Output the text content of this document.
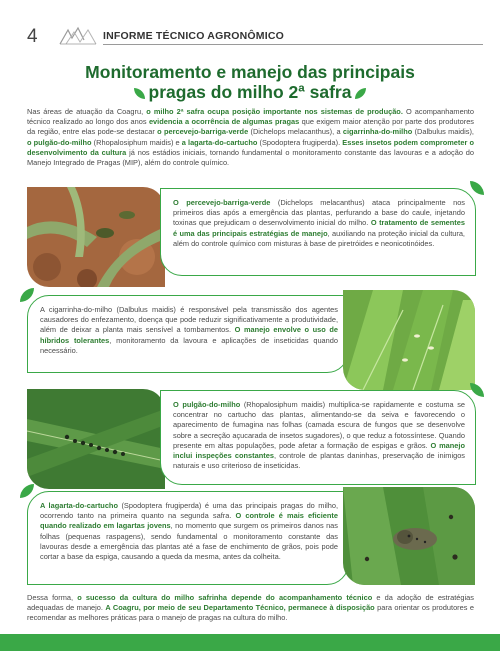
4	INFORME TÉCNICO AGRONÔMICO
Monitoramento e manejo das principais
pragas do milho 2ª safra
Nas áreas de atuação da Coagru, o milho 2ª safra ocupa posição importante nos sistemas de produção. O acompanhamento técnico realizado ao longo dos anos evidencia a ocorrência de algumas pragas que exigem maior atenção por parte dos produtores da região, entre elas pode-se destacar o percevejo-barriga-verde (Dichelops melacanthus), a cigarrinha-do-milho (Dalbulus maidis), o pulgão-do-milho (Rhopalosiphum maidis) e a lagarta-do-cartucho (Spodoptera frugiperda). Esses insetos podem comprometer o desenvolvimento da cultura já nos estádios iniciais, tornando fundamental o monitoramento constante das lavouras e a adoção do Manejo Integrado de Pragas (MIP), além do controle químico.

O percevejo-barriga-verde (Dichelops melacanthus) ataca principalmente nos primeiros dias após a emergência das plantas, perfurando a base do caule, injetando toxinas que prejudicam o desenvolvimento inicial do milho. O tratamento de sementes é uma das principais estratégias de manejo, auxiliando na proteção inicial da cultura, além do controle químico com misturas à base de piretróides e neonicotinóides.

A cigarrinha-do-milho (Dalbulus maidis) é responsável pela transmissão dos agentes causadores do enfezamento, doença que pode reduzir significativamente a produtividade, além de deixar a planta mais sensível a tombamentos. O manejo envolve o uso de híbridos tolerantes, monitoramento da lavoura e aplicações de inseticidas quando necessário.

O pulgão-do-milho (Rhopalosiphum maidis) multiplica-se rapidamente e costuma se concentrar no cartucho das plantas, alimentando-se da seiva e favorecendo o aparecimento de fumagina nas folhas (camada escura de fungos que se desenvolve sobre a secreção açucarada de insetos sugadores), o que reduz a fotossíntese. Quando presente em altas populações, pode afetar a formação de espigas e grãos. O manejo inclui inspeções constantes, controle de plantas daninhas, preservação de inimigos naturais e uso criterioso de inseticidas.

A lagarta-do-cartucho (Spodoptera frugiperda) é uma das principais pragas do milho, ocorrendo tanto na primeira quanto na segunda safra. O controle é mais eficiente quando realizado em lagartas jovens, no momento que surgem os primeiros danos nas folhas (pequenas raspagens), sendo fundamental o monitoramento constante das lavouras desde a emergência das plantas até a fase de enchimento de grãos, pois pode cortar a base da espiga, causando a queda da mesma, antes da colheita.

Dessa forma, o sucesso da cultura do milho safrinha depende do acompanhamento técnico e da adoção de estratégias adequadas de manejo. A Coagru, por meio de seu Departamento Técnico, permanece à disposição para orientar os produtores e recomendar as melhores práticas para o manejo de pragas na cultura do milho.
